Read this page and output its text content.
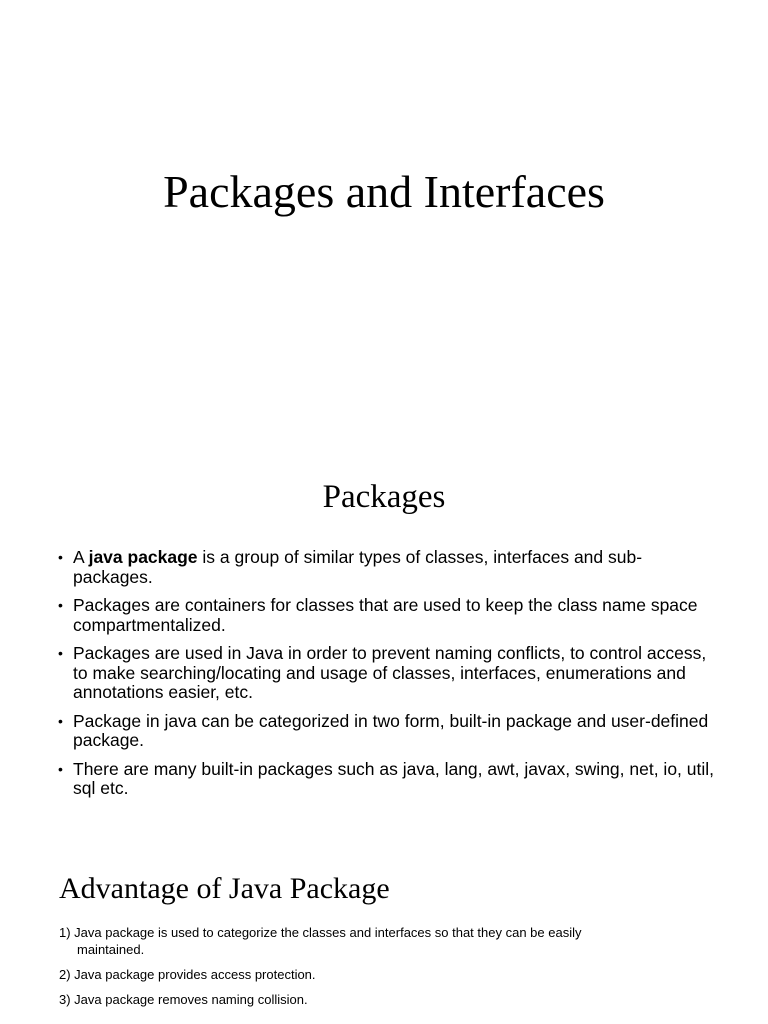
Packages and Interfaces
Packages
• A java package is a group of similar types of classes, interfaces and sub-packages.
• Packages are containers for classes that are used to keep the class name space compartmentalized.
• Packages are used in Java in order to prevent naming conflicts, to control access, to make searching/locating and usage of classes, interfaces, enumerations and annotations easier, etc.
• Package in java can be categorized in two form, built-in package and user-defined package.
• There are many built-in packages such as java, lang, awt, javax, swing, net, io, util, sql etc.
Advantage of Java Package
1) Java package is used to categorize the classes and interfaces so that they can be easily
maintained.
2) Java package provides access protection.
3) Java package removes naming collision.
